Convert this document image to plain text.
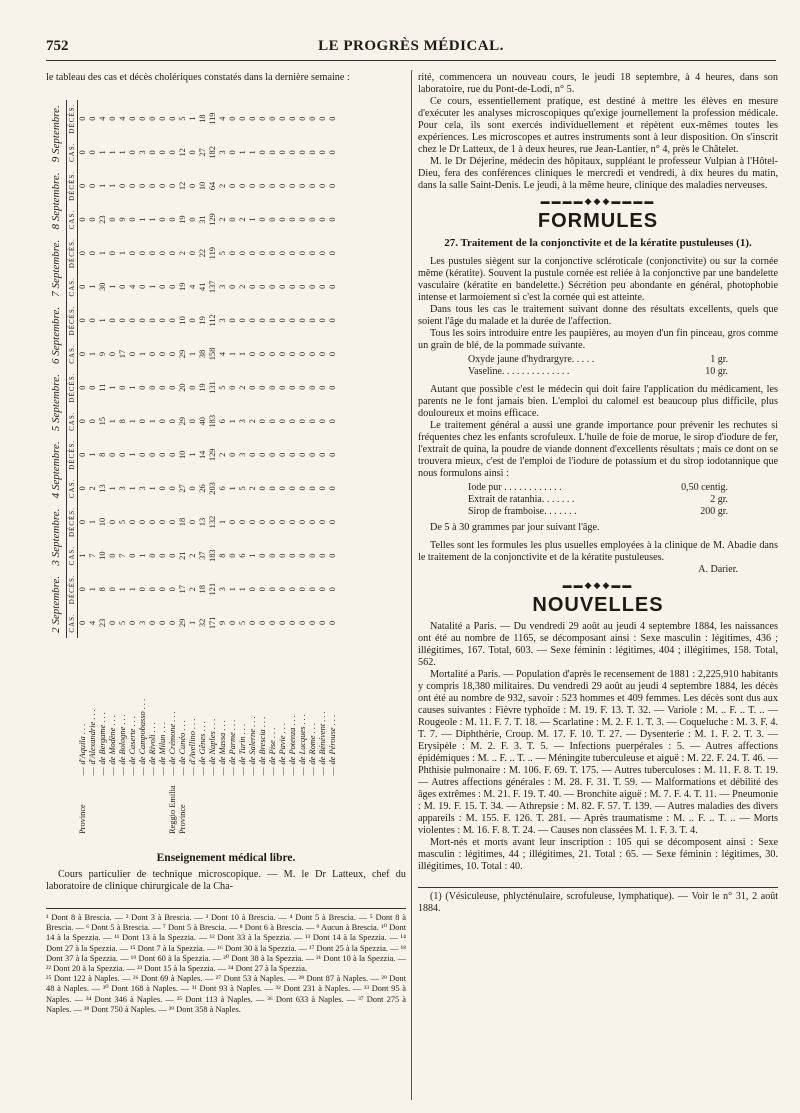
752	LE PROGRÈS MÉDICAL.

le tableau des cas et décès cholériques constatés dans la dernière semaine :

			2 Septembre.		3 Septembre.		4 Septembre.		5 Septembre.		6 Septembre.		7 Septembre.		8 Septembre.		9 Septembre.	
			CAS.	DÉCÈS.	CAS.	DÉCÈS.	CAS.	DÉCÈS.	CAS.	DÉCÈS.	CAS.	DÉCÈS.	CAS.	DÉCÈS.	CAS.	DÉCÈS.	CAS.	DÉCÈS.
Province	—	d'Aquila . . .	0	0	1	0	0	0	0	0	0	0	0	0	0	0	0	0
	—	d'Alexandrie . . .	4	1	7	1	2	1	0	0	1	0	1	0	0	0	0	0
	—	de Bergame . . .	23	8	10	10	13	8	15	11	9	1	30	1	23	1	1	4
	—	de Modène . . .	0	0	0	0	1	0	1	1	0	0	1	0	0	1	1	0
	—	de Bologne . . .	5	1	7	5	3	0	8	0	17	0	0	1	9	0	1	4
	—	de Caserte . . .	0	1	0	0	1	1	1	1	0	0	4	0	0	0	0	0
	—	de Campobasso . . .	3	0	1	0	3	0	0	0	1	0	0	0	1	0	3	0
	—	de Rivoli . . .	0	0	0	0	1	0	1	0	0	0	1	0	1	0	0	0
	—	de Milan . . .	0	0	0	0	0	0	0	0	0	0	0	0	0	0	0	0
Reggio Emilia	—	de Crémone . . .	0	0	0	0	0	0	0	0	0	0	0	0	0	0	0	0
Province	—	de Cunéo . . .	29	17	21	18	27	10	29	20	29	10	19	2	19	12	12	5
	—	d'Avellino . . .	1	2	2	0	0	1	0	0	1	0	4	0	0	0	0	1
	—	de Gênes . . .	32	18	37	13	26	14	40	19	38	19	41	22	31	10	27	18
	—	de Naples . . .	171	121	183	132	203	129	183	131	158	112	137	119	129	64	182	119
	—	de Massa . . .	9	3	8	1	6	2	6	5	4	3	3	5	2	2	3	4
	—	de Parme . . .	0	1	0	0	1	0	1	0	1	0	0	0	0	0	0	0
	—	de Turin . . .	5	1	6	0	5	3	3	2	1	0	2	0	2	0	1	0
	—	de Salerne . . .	0	0	1	0	2	0	2	0	0	0	0	0	1	0	1	0
	—	de Brescia . . .	0	0	0	0	0	0	0	0	0	0	0	0	0	0	0	0
	—	de Pise . . .	0	0	0	0	0	0	0	0	0	0	0	0	0	0	0	0
	—	de Pavie . . .	0	0	0	0	0	0	0	0	0	0	0	0	0	0	0	0
	—	de Potenza . . .	0	0	0	0	0	0	0	0	0	0	0	0	0	0	0	0
	—	de Lucques . . .	0	0	0	0	0	0	0	0	0	0	0	0	0	0	0	0
	—	de Rome . . .	0	0	0	0	0	0	0	0	0	0	0	0	0	0	0	0
	—	de Bénévent . . .	0	0	0	0	0	0	0	0	0	0	0	0	0	0	0	0
	—	de Pérouse . . .	0	0	0	0	0	0	0	0	0	0	0	0	0	0	0	0

Enseignement médical libre.

Cours particulier de technique microscopique. — M. le Dr Latteux, chef du laboratoire de clinique chirurgicale de la Cha-

¹ Dont 8 à Brescia. — ² Dont 3 à Brescia. — ³ Dont 10 à Brescia. — ⁴ Dont 5 à Brescia. — ⁵ Dont 8 à Brescia. — ⁶ Dont 5 à Brescia. — ⁷ Dont 5 à Brescia. — ⁸ Dont 6 à Brescia. — ⁹ Aucun à Brescia. ¹⁰ Dont 14 à la Spezzia. — ¹¹ Dont 13 à la Spezzia. — ¹² Dont 33 à la Spezzia. — ¹³ Dont 14 à la Spezzia. — ¹⁴ Dont 27 à la Spezzia. — ¹⁵ Dont 7 à la Spezzia. — ¹⁶ Dont 30 à la Spezzia. — ¹⁷ Dont 25 à la Spezzia. — ¹⁸ Dont 37 à la Spezzia. — ¹⁹ Dont 60 à la Spezzia. — ²⁰ Dont 38 à la Spezzia. — ²¹ Dont 10 à la Spezzia. — ²² Dont 20 à la Spezzia. — ²³ Dont 15 à la Spezzia. — ²⁴ Dont 27 à la Spezzia.

²⁵ Dont 122 à Naples. — ²⁶ Dont 69 à Naples. — ²⁷ Dont 53 à Naples. — ²⁸ Dont 87 à Naples. — ²⁹ Dont 48 à Naples. — ³⁰ Dont 168 à Naples. — ³¹ Dont 93 à Naples. — ³² Dont 231 à Naples. — ³³ Dont 95 à Naples. — ³⁴ Dont 346 à Naples. — ³⁵ Dont 113 à Naples. — ³⁶ Dont 633 à Naples. — ³⁷ Dont 275 à Naples. — ³⁸ Dont 750 à Naples. — ³⁹ Dont 358 à Naples.

rité, commencera un nouveau cours, le jeudi 18 septembre, à 4 heures, dans son laboratoire, rue du Pont-de-Lodi, n° 5.

Ce cours, essentiellement pratique, est destiné à mettre les élèves en mesure d'exécuter les analyses microscopiques qu'exige journellement la profession médicale. Pour cela, ils sont exercés individuellement et répètent eux-mêmes toutes les expériences. Les microscopes et autres instruments sont à leur disposition. On s'inscrit chez le Dr Latteux, de 1 à deux heures, rue Jean-Lantier, n° 4, près le Châtelet.

M. le Dr Déjerine, médecin des hôpitaux, suppléant le professeur Vulpian à l'Hôtel-Dieu, fera des conférences cliniques le mercredi et vendredi, à dix heures du matin, dans la salle Saint-Denis. Le jeudi, à la même heure, clinique des maladies nerveuses.

▬▬▬▬◆◆◆▬▬▬▬
FORMULES
27. Traitement de la conjonctivite et de la kératite pustuleuses (1).

Les pustules siègent sur la conjonctive scléroticale (conjonctivite) ou sur la cornée même (kératite). Souvent la pustule cornée est reliée à la conjonctive par une bandelette vasculaire (kératite en bandelette.) Sécrétion peu abondante en général, photophobie intense et larmoiement si c'est la cornée qui est atteinte.

Dans tous les cas le traitement suivant donne des résultats excellents, quels que soient l'âge du malade et la durée de l'affection.

Tous les soirs introduire entre les paupières, au moyen d'un fin pinceau, gros comme un grain de blé, de la pommade suivante.

Oxyde jaune d'hydrargyre. . . . .	1 gr.
Vaseline. . . . . . . . . . . . . .	10 gr.

Autant que possible c'est le médecin qui doit faire l'application du médicament, les parents ne le font jamais bien. L'emploi du calomel est beaucoup plus difficile, plus douloureux et moins efficace.

Le traitement général a aussi une grande importance pour prévenir les rechutes si fréquentes chez les enfants scrofuleux. L'huile de foie de morue, le sirop d'iodure de fer, l'extrait de quina, la poudre de viande donnent d'excellents résultats ; mais ce dont on se trouvera mieux, c'est de l'emploi de l'iodure de potassium et du sirop iodotannique que nous formulons ainsi :

Iode pur . . . . . . . . . . . .	0,50 centig.
Extrait de ratanhia. . . . . . .	2 gr.
Sirop de framboise. . . . . . .	200 gr.

De 5 à 30 grammes par jour suivant l'âge.

Telles sont les formules les plus usuelles employées à la clinique de M. Abadie dans le traitement de la conjonctivite et de la kératite pustuleuses.

A. Darier.
▬▬◆◆◆▬▬
NOUVELLES

Natalité a Paris. — Du vendredi 29 août au jeudi 4 septembre 1884, les naissances ont été au nombre de 1165, se décomposant ainsi : Sexe masculin : légitimes, 436 ; illégitimes, 167. Total, 603. — Sexe féminin : légitimes, 404 ; illégitimes, 158. Total, 562.

Mortalité a Paris. — Population d'après le recensement de 1881 : 2,225,910 habitants y compris 18,380 militaires. Du vendredi 29 août au jeudi 4 septembre 1884, les décès ont été au nombre de 932, savoir : 523 hommes et 409 femmes. Les décès sont dus aux causes suivantes : Fièvre typhoïde : M. 19. F. 13. T. 32. — Variole : M. .. F. .. T. .. — Rougeole : M. 11. F. 7. T. 18. — Scarlatine : M. 2. F. 1. T. 3. — Coqueluche : M. 3. F. 4. T. 7. — Diphthérie, Croup. M. 17. F. 10. T. 27. — Dysenterie : M. 1. F. 2. T. 3. — Erysipèle : M. 2. F. 3. T. 5. — Infections puerpérales : 5. — Autres affections épidémiques : M. .. F. .. T. .. — Méningite tuberculeuse et aiguë : M. 22. F. 24. T. 46. — Phthisie pulmonaire : M. 106. F. 69. T. 175. — Autres tuberculoses : M. 11. F. 8. T. 19. — Autres affections générales : M. 28. F. 31. T. 59. — Malformations et débilité des âges extrêmes : M. 21. F. 19. T. 40. — Bronchite aiguë : M. 7. F. 4. T. 11. — Pneumonie : M. 19. F. 15. T. 34. — Athrepsie : M. 82. F. 57. T. 139. — Autres maladies des divers appareils : M. 155. F. 126. T. 281. — Après traumatisme : M. .. F. .. T. .. — Morts violentes : M. 16. F. 8. T. 24. — Causes non classées M. 1. F. 3. T. 4.

Mort-nés et morts avant leur inscription : 105 qui se décomposent ainsi : Sexe masculin : légitimes, 44 ; illégitimes, 21. Total : 65. — Sexe féminin : légitimes, 30. illégitimes, 10. Total : 40.

(1) (Vésiculeuse, phlycténulaire, scrofuleuse, lymphatique). — Voir le n° 31, 2 août 1884.
